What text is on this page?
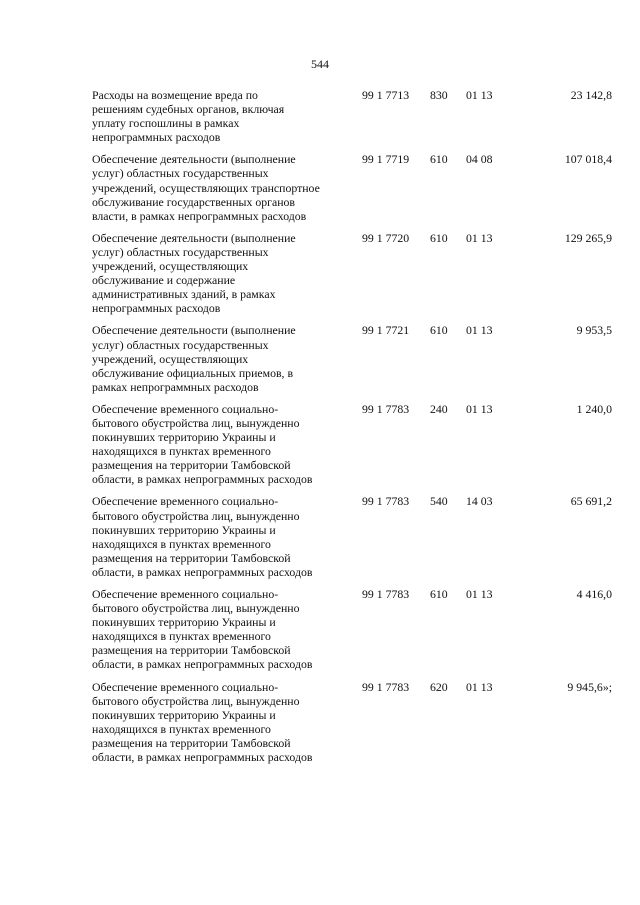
544
Расходы на возмещение вреда по
решениям судебных органов, включая
уплату госпошлины в рамках
непрограммных расходов
99 1 7713	830	01 13	23 142,8
Обеспечение деятельности (выполнение
услуг) областных государственных
учреждений, осуществляющих транспортное
обслуживание государственных органов
власти, в рамках непрограммных расходов
99 1 7719	610	04 08	107 018,4
Обеспечение деятельности (выполнение
услуг) областных государственных
учреждений, осуществляющих
обслуживание и содержание
административных зданий, в рамках
непрограммных расходов
99 1 7720	610	01 13	129 265,9
Обеспечение деятельности (выполнение
услуг) областных государственных
учреждений, осуществляющих
обслуживание официальных приемов, в
рамках непрограммных расходов
99 1 7721	610	01 13	9 953,5
Обеспечение временного социально-
бытового обустройства лиц, вынужденно
покинувших территорию Украины и
находящихся в пунктах временного
размещения на территории Тамбовской
области, в рамках непрограммных расходов
99 1 7783	240	01 13	1 240,0
Обеспечение временного социально-
бытового обустройства лиц, вынужденно
покинувших территорию Украины и
находящихся в пунктах временного
размещения на территории Тамбовской
области, в рамках непрограммных расходов
99 1 7783	540	14 03	65 691,2
Обеспечение временного социально-
бытового обустройства лиц, вынужденно
покинувших территорию Украины и
находящихся в пунктах временного
размещения на территории Тамбовской
области, в рамках непрограммных расходов
99 1 7783	610	01 13	4 416,0
Обеспечение временного социально-
бытового обустройства лиц, вынужденно
покинувших территорию Украины и
находящихся в пунктах временного
размещения на территории Тамбовской
области, в рамках непрограммных расходов
99 1 7783	620	01 13	9 945,6»;
